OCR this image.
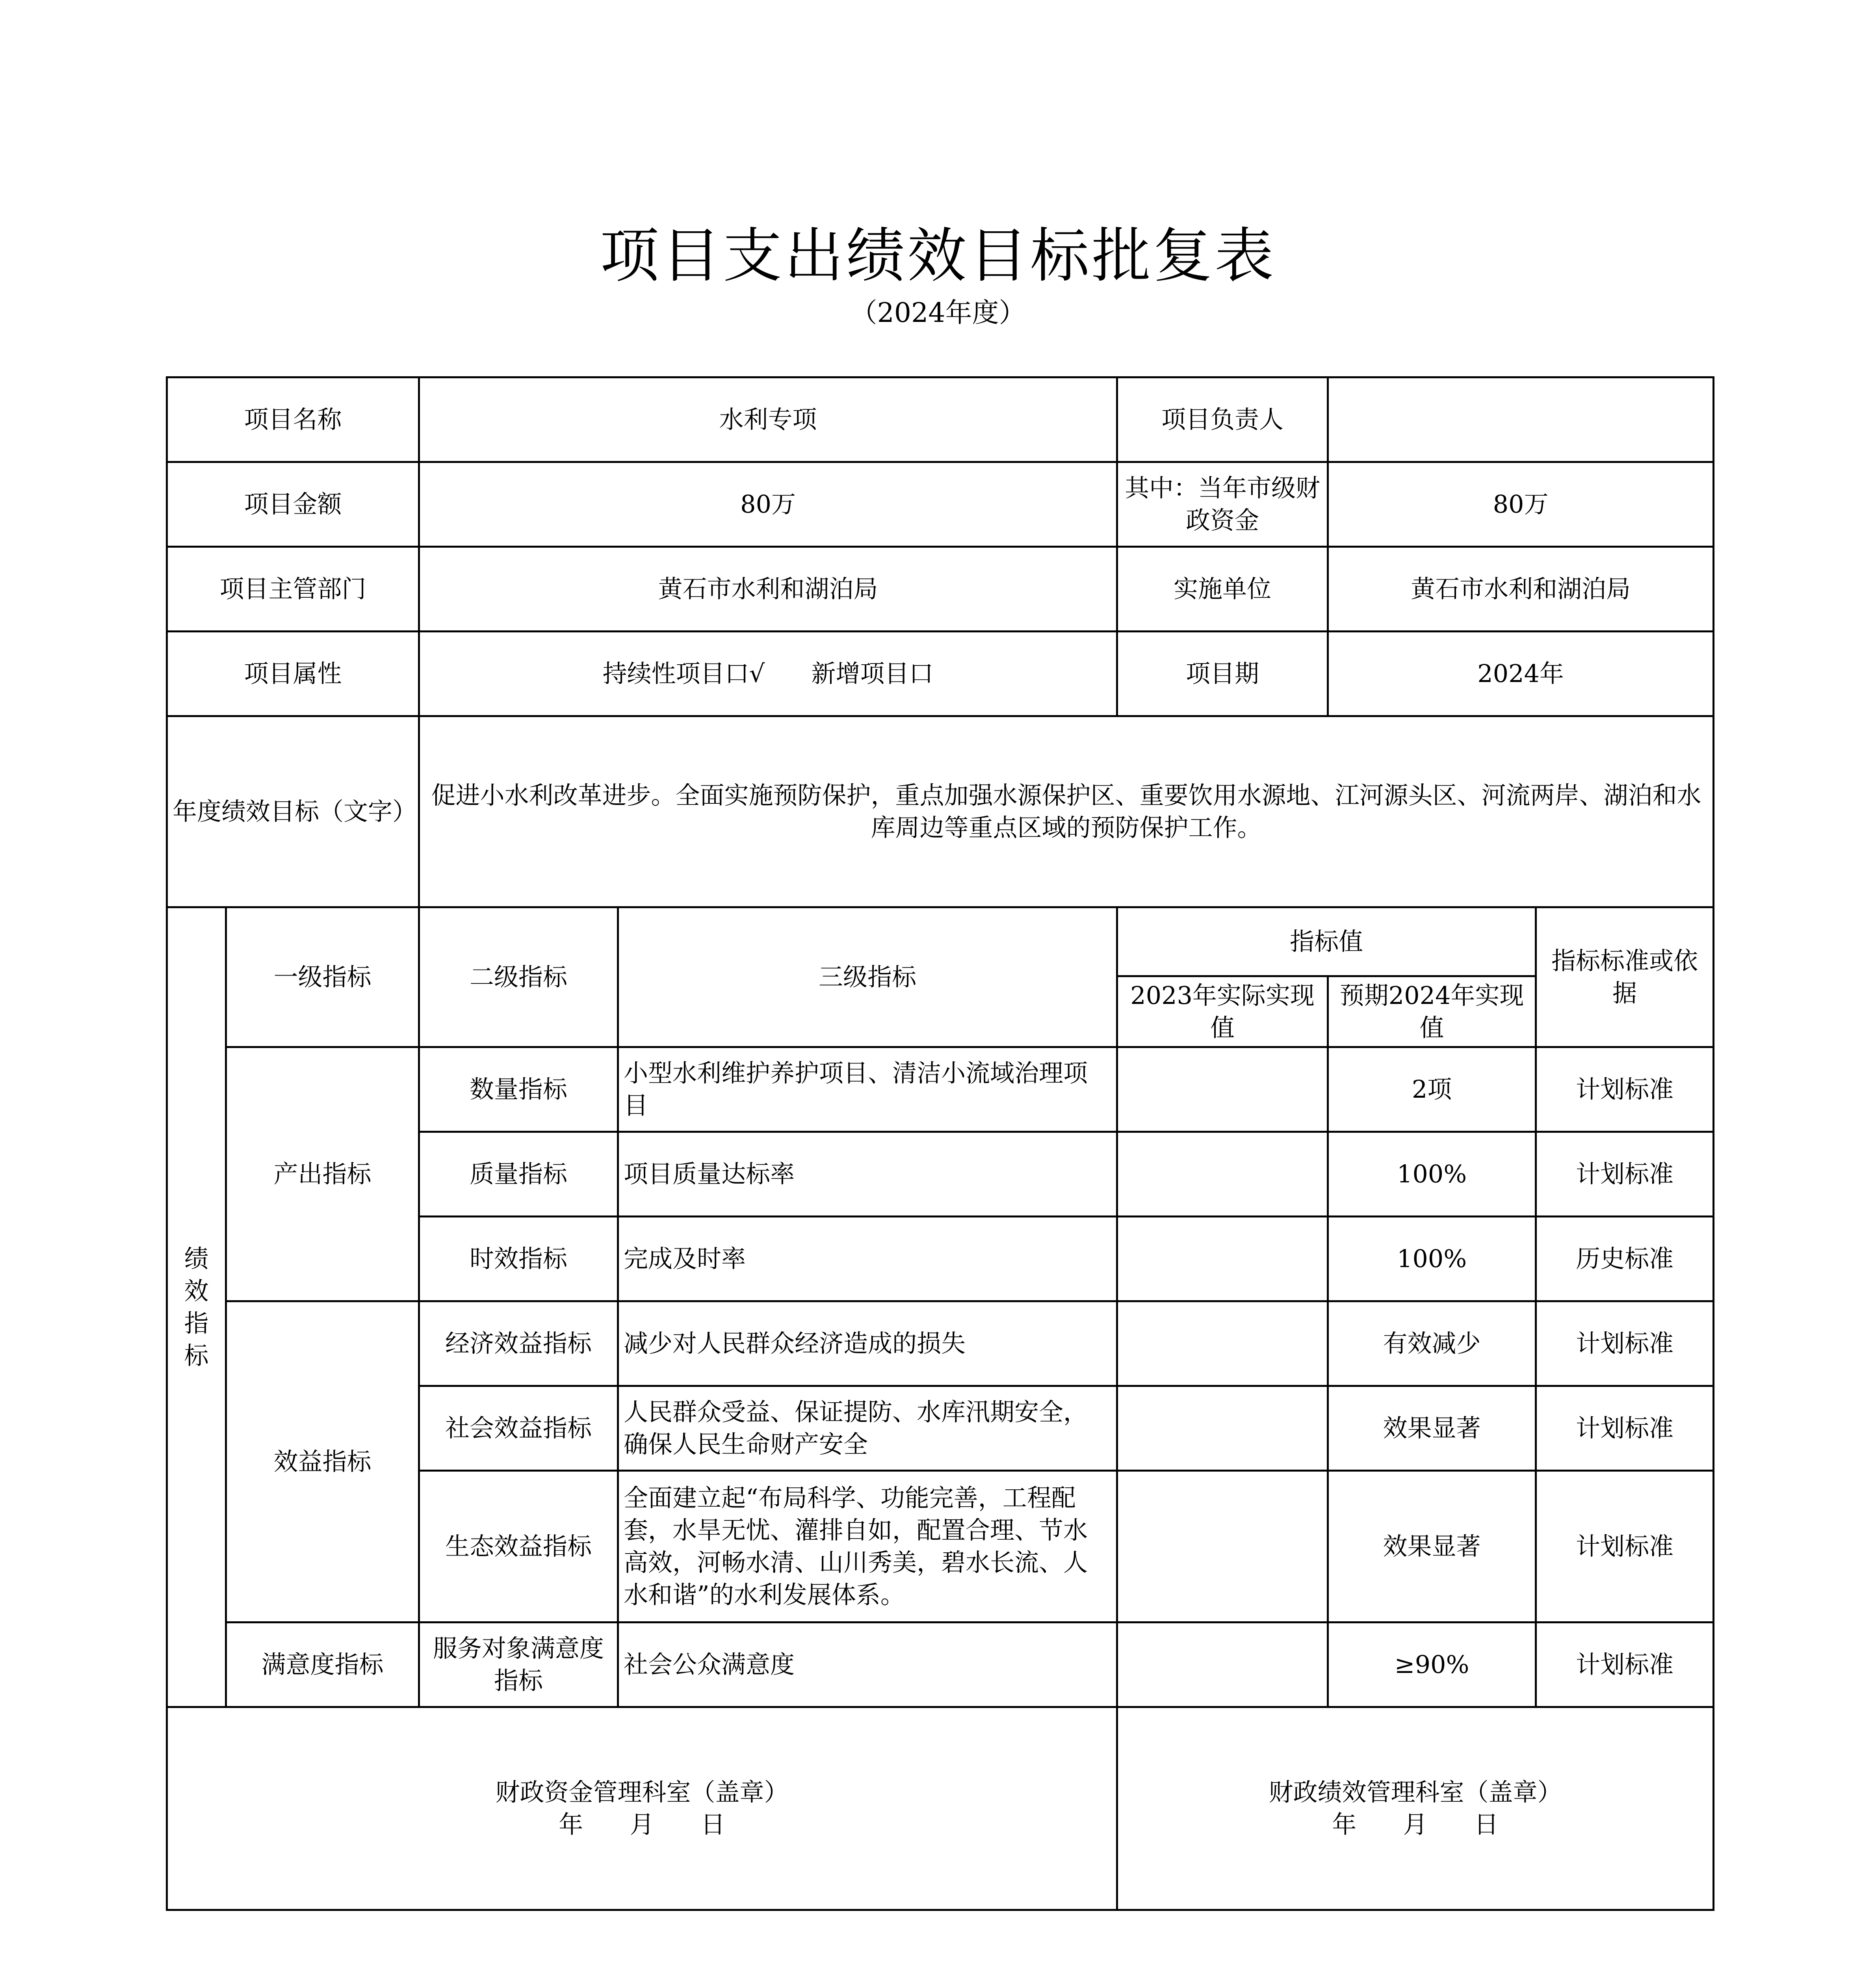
项目支出绩效目标批复表
（2024年度）
项目名称		水利专项		项目负责人		
项目金额		80万		其中：当年市级财政资金	80万	
项目主管部门		黄石市水利和湖泊局		实施单位	黄石市水利和湖泊局	
项目属性		持续性项目口√      新增项目口		项目期	2024年	
年度绩效目标（文字）		促进小水利改革进步。全面实施预防保护，重点加强水源保护区、重要饮用水源地、江河源头区、河流两岸、湖泊和水库周边等重点区域的预防保护工作。				
绩效指标	一级指标	二级指标	三级指标	指标值		指标标准或依据
				2023年实际实现值	预期2024年实现值	
	产出指标	数量指标	小型水利维护养护项目、清洁小流域治理项目		2项	计划标准
		质量指标	项目质量达标率		100%	计划标准
		时效指标	完成及时率		100%	历史标准
	效益指标	经济效益指标	减少对人民群众经济造成的损失		有效减少	计划标准
		社会效益指标	人民群众受益、保证提防、水库汛期安全，确保人民生命财产安全		效果显著	计划标准
		生态效益指标	全面建立起“布局科学、功能完善，工程配套，水旱无忧、灌排自如，配置合理、节水高效，河畅水清、山川秀美，碧水长流、人水和谐”的水利发展体系。		效果显著	计划标准
	满意度指标	服务对象满意度指标	社会公众满意度		≥90%	计划标准

财政资金管理科室（盖章）
年      月      日				财政绩效管理科室（盖章）
年      月      日		
